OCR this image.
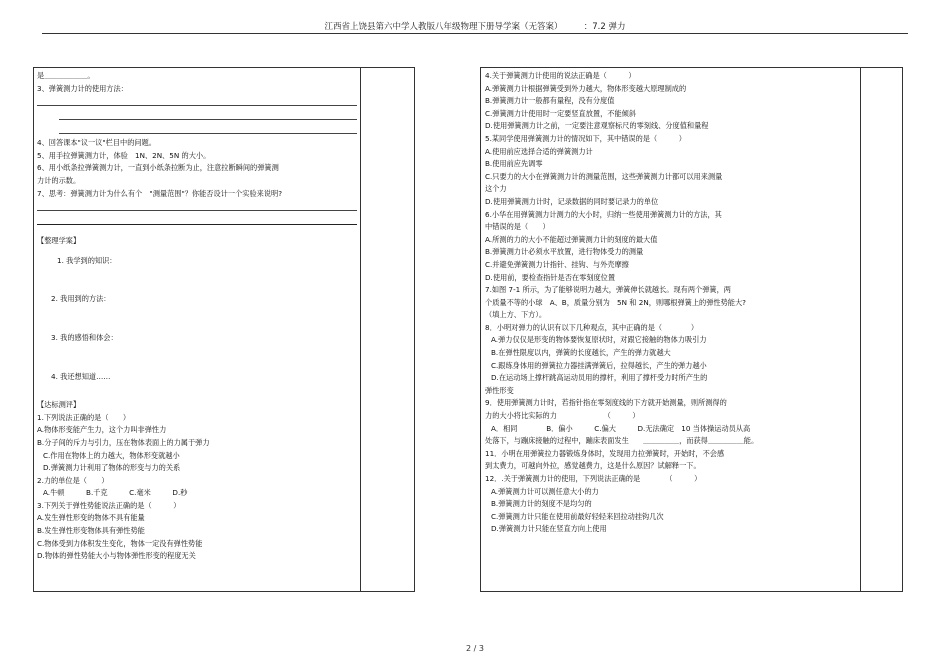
江西省上饶县第六中学人教版八年级物理下册导学案（无答案）　　　：7.2 弹力
是＿＿＿＿＿＿。
3、弹簧测力计的使用方法：
4、回答课本"议一议"栏目中的问题。
5、用手拉弹簧测力计，体验　1N、2N、5N 的大小。
6、用小纸条拉弹簧测力计，一直到小纸条拉断为止，注意拉断瞬间的弹簧测
力计的示数。
7、思考：弹簧测力计为什么有个　"测量范围"？你能否设计一个实验来说明?
【整理学案】
1. 我学到的知识：
2. 我用到的方法：
3. 我的感悟和体会：
4. 我还想知道……
【达标测评】
1.下列说法正确的是（　　）
A.物体形变能产生力，这个力叫非弹性力
B.分子间的斥力与引力，压在物体表面上的力属于弹力
C.作用在物体上的力越大，物体形变就越小
D.弹簧测力计利用了物体的形变与力的关系
2.力的单位是（　　）
A.牛顿　　　B.千克　　　C.毫米　　　D.秒
3.下列关于弹性势能说法正确的是（　　　）
A.发生弹性形变的物体不具有能量
B.发生弹性形变物体具有弹性势能
C.物体受到力体积发生变化，物体一定没有弹性势能
D.物体的弹性势能大小与物体弹性形变的程度无关
4.关于弹簧测力计使用的说法正确是（　　　）
A.弹簧测力计根据弹簧受到外力越大，物体形变越大原理制成的
B.弹簧测力计一般都有量程，没有分度值
C.弹簧测力计使用时一定要竖直放置，不能倾斜
D.使用弹簧测力计之前，一定要注意观察标尺的零刻线、分度值和量程
5.某同学使用弹簧测力计的情况如下，其中错误的是（　　　）
A.使用前应选择合适的弹簧测力计
B.使用前应先调零
C.只要力的大小在弹簧测力计的测量范围，这些弹簧测力计都可以用来测量
这个力
D.使用弹簧测力计时，记录数据的同时要记录力的单位
6.小华在用弹簧测力计测力的大小时，归纳一些使用弹簧测力计的方法，其
中错误的是（　　）
A.所测的力的大小不能超过弹簧测力计的刻度的最大值
B.弹簧测力计必须水平放置，进行物体受力的测量
C.并避免弹簧测力计指针、挂钩、与外壳摩擦
D.使用前，要检查指针是否在零刻度位置
7.如图 7-1 所示，为了能够说明力越大，弹簧伸长就越长。现有两个弹簧，两
个质量不等的小球　A、B，质量分别为　5N 和 2N，则哪根弹簧上的弹性势能大?
（填上方、下方）。
8．小明对弹力的认识有以下几种观点，其中正确的是（　　　　）
A.弹力仅仅是形变的物体要恢复原状时，对跟它接触的物体力吸引力
B.在弹性限度以内，弹簧的长度越长，产生的弹力就越大
C.跟练身体用的弹簧拉力器挂满弹簧后，拉得越长，产生的弹力越小
D.在运动场上撑杆跳高运动员用的撑杆，利用了撑杆受力时所产生的
弹性形变
9．使用弹簧测力计时，若指针指在零刻度线的下方就开始测量，则所测得的
力的大小将比实际的力　　　　　　　（　　　）
A．相同　　　　B．偏小　　　C.偏大　　　D.无法确定　10 当体操运动员从高
处落下，与蹦床接触的过程中，蹦床表面发生　　＿＿＿＿＿，而获得＿＿＿＿＿能。
11．小明在用弹簧拉力器锻炼身体时，发现用力拉弹簧时，开始时，不会感
到太费力，可越向外拉，感觉越费力，这是什么原因？试解释一下。
12．.关于弹簧测力计的使用，下列说法正确的是　　　　（　　　）
A.弹簧测力计可以测任意大小的力
B.弹簧测力计的刻度不是均匀的
C.弹簧测力计只能在使用前最好轻轻来回拉动挂钩几次
D.弹簧测力计只能在竖直方向上使用
2 / 3
